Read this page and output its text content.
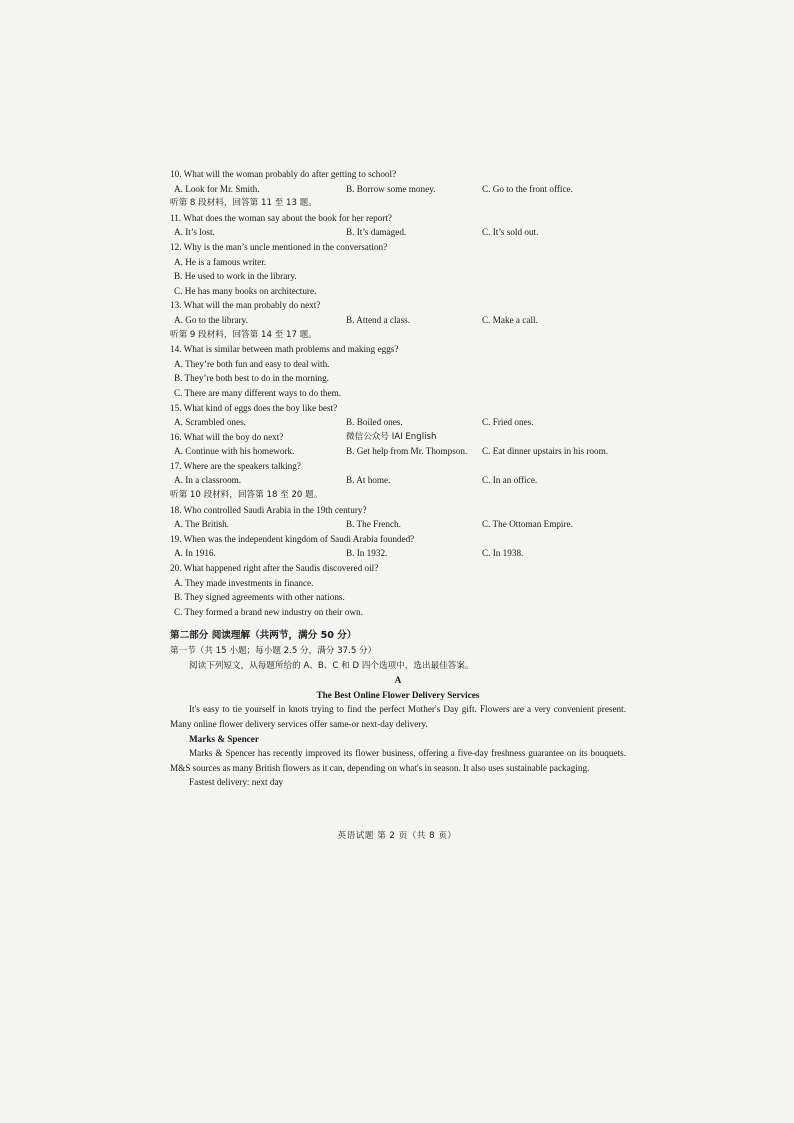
10. What will the woman probably do after getting to school?
A. Look for Mr. Smith.	B. Borrow some money.	C. Go to the front office.
听第 8 段材料，回答第 11 至 13 题。
11. What does the woman say about the book for her report?
A. It’s lost.	B. It’s damaged.	C. It’s sold out.
12. Why is the man’s uncle mentioned in the conversation?
A. He is a famous writer.
B. He used to work in the library.
C. He has many books on architecture.
13. What will the man probably do next?
A. Go to the library.	B. Attend a class.	C. Make a call.
听第 9 段材料，回答第 14 至 17 题。
14. What is similar between math problems and making eggs?
A. They’re both fun and easy to deal with.
B. They’re both best to do in the morning.
C. There are many different ways to do them.
15. What kind of eggs does the boy like best?
A. Scrambled ones.	B. Boiled ones.	C. Fried ones.
16. What will the boy do next?	微信公众号 IAI English
A. Continue with his homework.	B. Get help from Mr. Thompson. C. Eat dinner upstairs in his room.
17. Where are the speakers talking?
A. In a classroom.	B. At home.	C. In an office.
听第 10 段材料，回答第 18 至 20 题。
18. Who controlled Saudi Arabia in the 19th century?
A. The British.	B. The French.	C. The Ottoman Empire.
19. When was the independent kingdom of Saudi Arabia founded?
A. In 1916.	B. In 1932.	C. In 1938.
20. What happened right after the Saudis discovered oil?
A. They made investments in finance.
B. They signed agreements with other nations.
C. They formed a brand new industry on their own.
第二部分 阅读理解（共两节，满分 50 分）
第一节（共 15 小题；每小题 2.5 分，满分 37.5 分）
阅读下列短文，从每题所给的 A、B、C 和 D 四个选项中，选出最佳答案。
A
The Best Online Flower Delivery Services
It's easy to tie yourself in knots trying to find the perfect Mother's Day gift. Flowers are a very convenient present. Many online flower delivery services offer same-or next-day delivery.
Marks & Spencer
Marks & Spencer has recently improved its flower business, offering a five-day freshness guarantee on its bouquets. M&S sources as many British flowers as it can, depending on what's in season. It also uses sustainable packaging.
Fastest delivery: next day
英语试题 第 2 页（共 8 页）
